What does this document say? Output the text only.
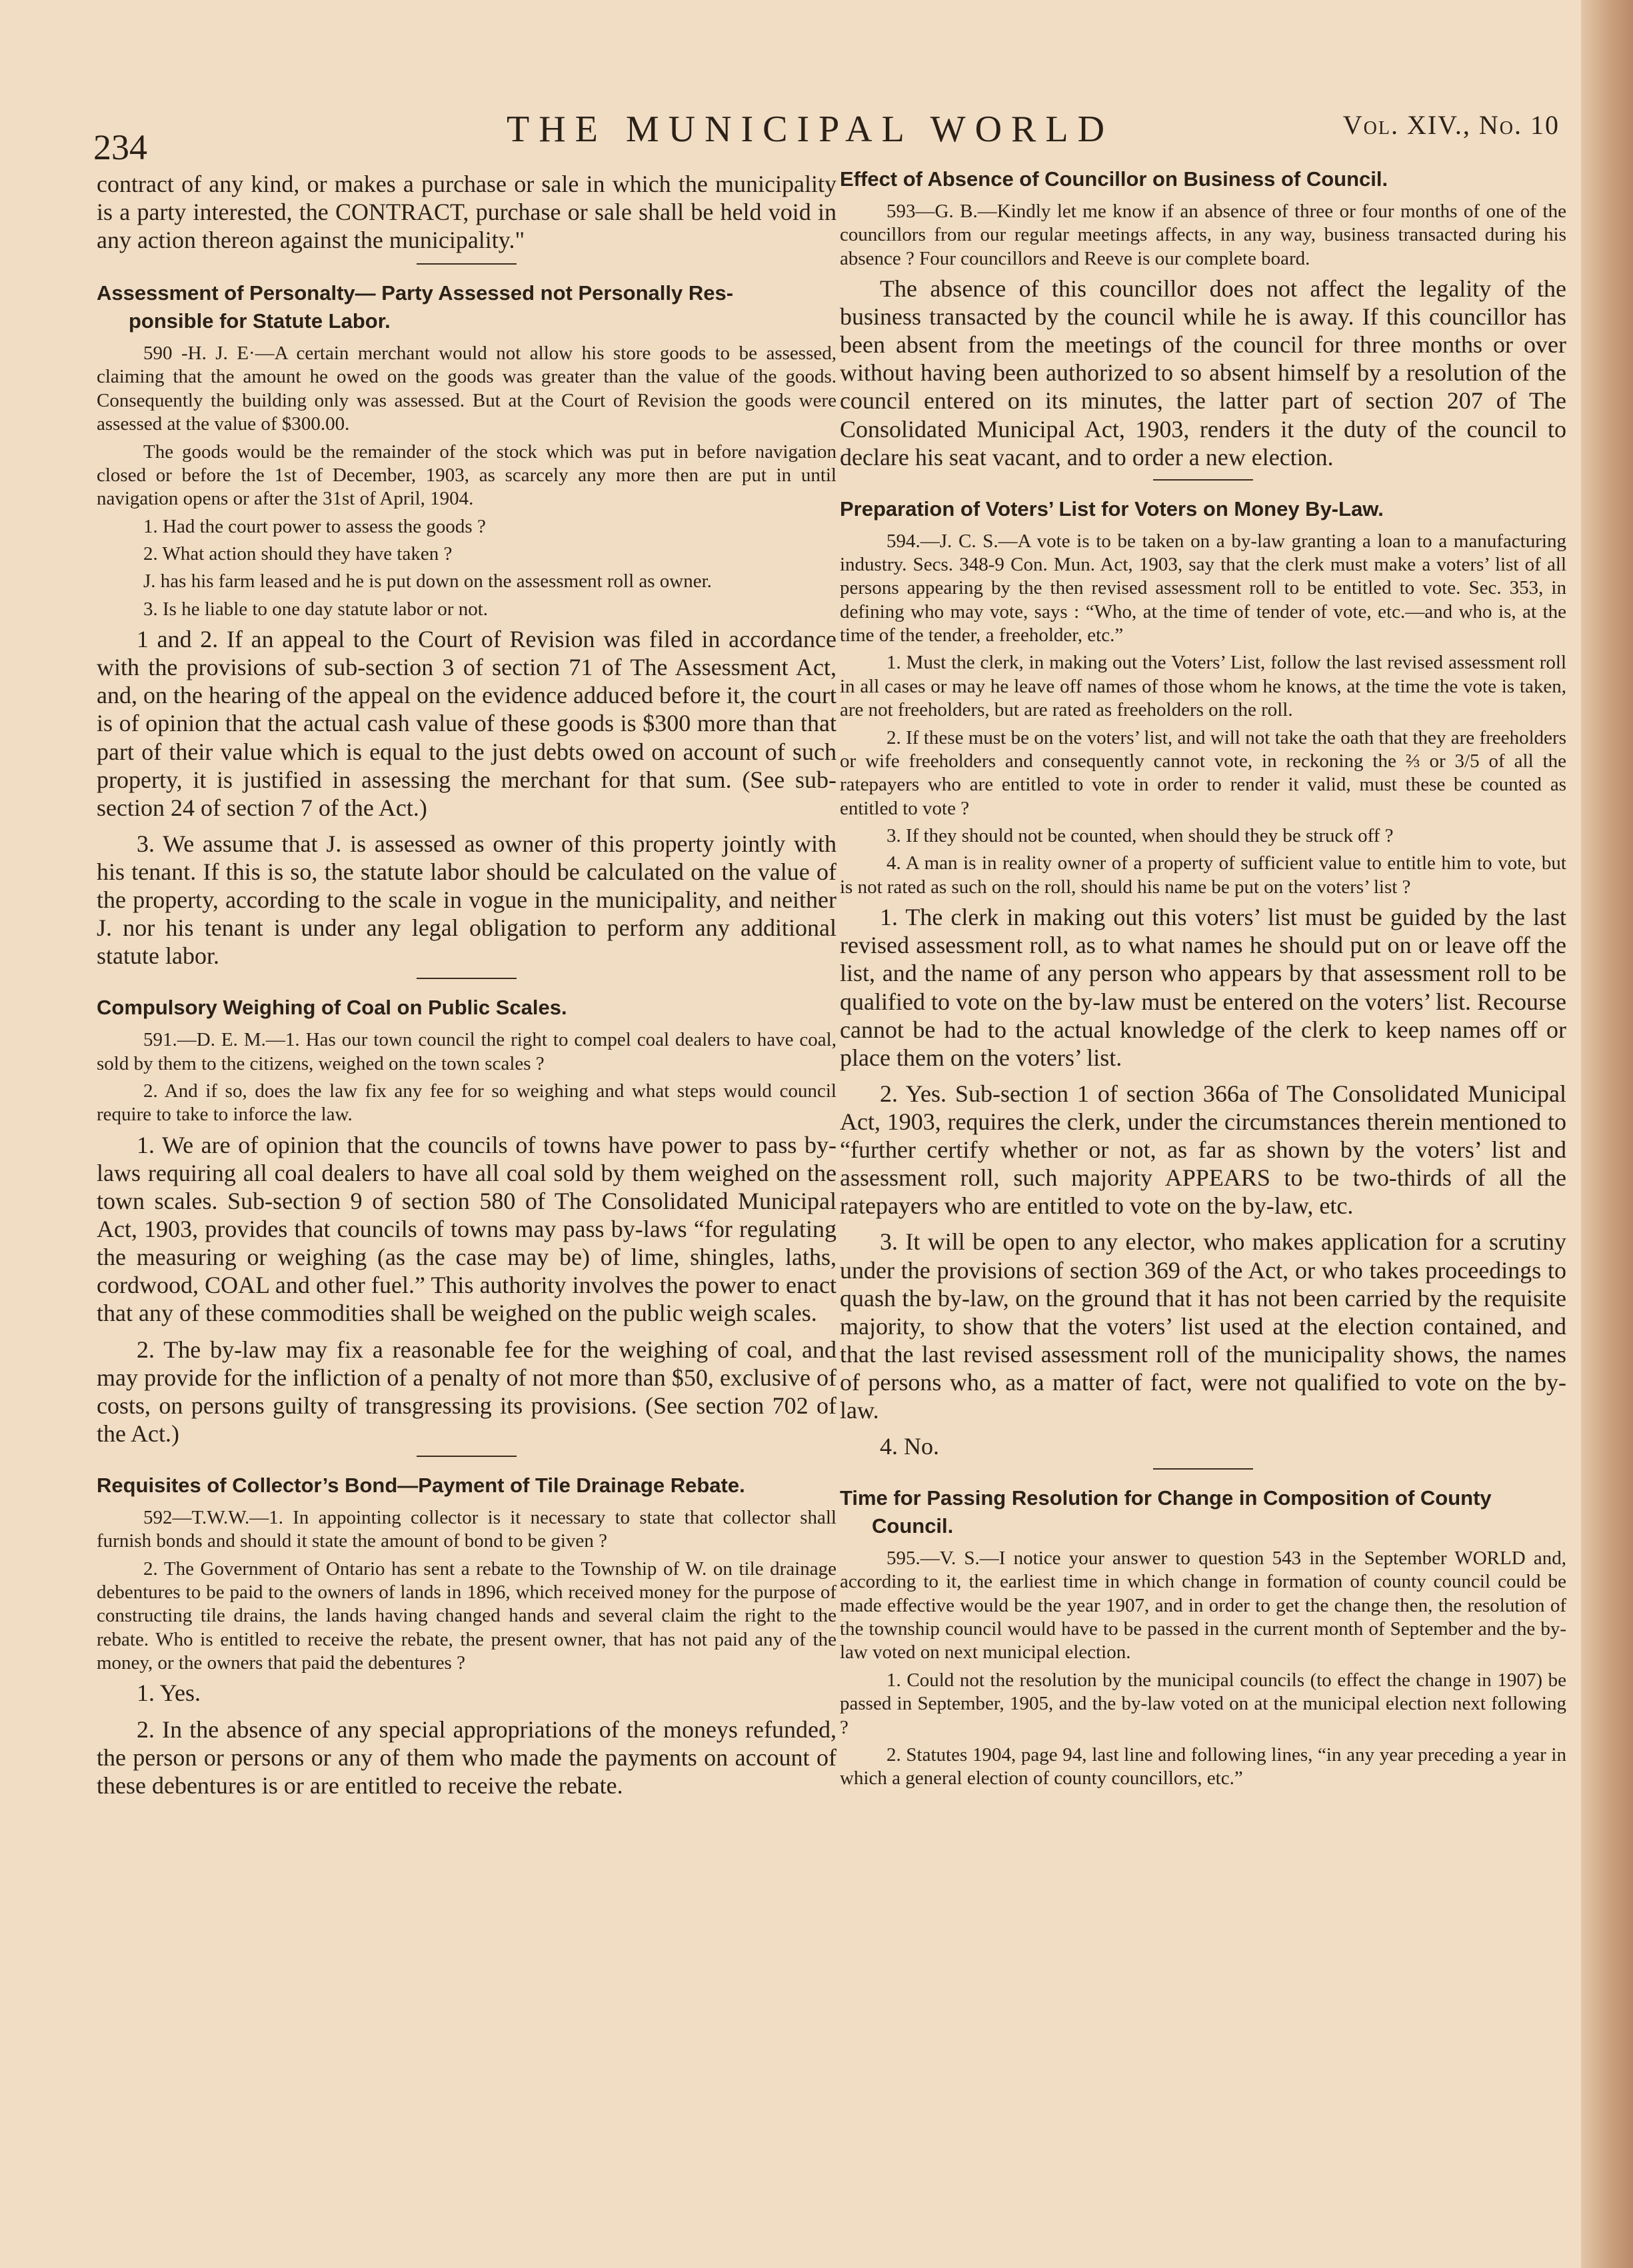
234	THE MUNICIPAL WORLD	Vol. XIV., No. 10

contract of any kind, or makes a purchase or sale in which the municipality is a party interested, the CONTRACT, purchase or sale shall be held void in any action thereon against the municipality."

Assessment of Personalty— Party Assessed not Personally Res-
ponsible for Statute Labor.

590 -H. J. E·—A certain merchant would not allow his store goods to be assessed, claiming that the amount he owed on the goods was greater than the value of the goods. Consequently the building only was assessed. But at the Court of Revision the goods were assessed at the value of $300.00.

The goods would be the remainder of the stock which was put in before navigation closed or before the 1st of December, 1903, as scarcely any more then are put in until navigation opens or after the 31st of April, 1904.

1. Had the court power to assess the goods ?

2. What action should they have taken ?

J. has his farm leased and he is put down on the assessment roll as owner.

3. Is he liable to one day statute labor or not.

1 and 2. If an appeal to the Court of Revision was filed in accordance with the provisions of sub-section 3 of section 71 of The Assessment Act, and, on the hearing of the appeal on the evidence adduced before it, the court is of opinion that the actual cash value of these goods is $300 more than that part of their value which is equal to the just debts owed on account of such property, it is justified in assessing the merchant for that sum. (See sub-section 24 of section 7 of the Act.)

3. We assume that J. is assessed as owner of this property jointly with his tenant. If this is so, the statute labor should be calculated on the value of the property, according to the scale in vogue in the municipality, and neither J. nor his tenant is under any legal obligation to perform any additional statute labor.

Compulsory Weighing of Coal on Public Scales.

591.—D. E. M.—1. Has our town council the right to compel coal dealers to have coal, sold by them to the citizens, weighed on the town scales ?

2. And if so, does the law fix any fee for so weighing and what steps would council require to take to inforce the law.

1. We are of opinion that the councils of towns have power to pass by-laws requiring all coal dealers to have all coal sold by them weighed on the town scales. Sub-section 9 of section 580 of The Consolidated Municipal Act, 1903, provides that councils of towns may pass by-laws “for regulating the measuring or weighing (as the case may be) of lime, shingles, laths, cordwood, COAL and other fuel.” This authority involves the power to enact that any of these commodities shall be weighed on the public weigh scales.

2. The by-law may fix a reasonable fee for the weighing of coal, and may provide for the infliction of a penalty of not more than $50, exclusive of costs, on persons guilty of transgressing its provisions. (See section 702 of the Act.)

Requisites of Collector’s Bond—Payment of Tile Drainage Rebate.

592—T.W.W.—1. In appointing collector is it necessary to state that collector shall furnish bonds and should it state the amount of bond to be given ?

2. The Government of Ontario has sent a rebate to the Township of W. on tile drainage debentures to be paid to the owners of lands in 1896, which received money for the purpose of constructing tile drains, the lands having changed hands and several claim the right to the rebate. Who is entitled to receive the rebate, the present owner, that has not paid any of the money, or the owners that paid the debentures ?

1. Yes.

2. In the absence of any special appropriations of the moneys refunded, the person or persons or any of them who made the payments on account of these debentures is or are entitled to receive the rebate.

Effect of Absence of Councillor on Business of Council.

593—G. B.—Kindly let me know if an absence of three or four months of one of the councillors from our regular meetings affects, in any way, business transacted during his absence ? Four councillors and Reeve is our complete board.

The absence of this councillor does not affect the legality of the business transacted by the council while he is away. If this councillor has been absent from the meetings of the council for three months or over without having been authorized to so absent himself by a resolution of the council entered on its minutes, the latter part of section 207 of The Consolidated Municipal Act, 1903, renders it the duty of the council to declare his seat vacant, and to order a new election.

Preparation of Voters’ List for Voters on Money By-Law.

594.—J. C. S.—A vote is to be taken on a by-law granting a loan to a manufacturing industry. Secs. 348-9 Con. Mun. Act, 1903, say that the clerk must make a voters’ list of all persons appearing by the then revised assessment roll to be entitled to vote. Sec. 353, in defining who may vote, says : “Who, at the time of tender of vote, etc.—and who is, at the time of the tender, a freeholder, etc.”

1. Must the clerk, in making out the Voters’ List, follow the last revised assessment roll in all cases or may he leave off names of those whom he knows, at the time the vote is taken, are not freeholders, but are rated as freeholders on the roll.

2. If these must be on the voters’ list, and will not take the oath that they are freeholders or wife freeholders and consequently cannot vote, in reckoning the ⅔ or 3/5 of all the ratepayers who are entitled to vote in order to render it valid, must these be counted as entitled to vote ?

3. If they should not be counted, when should they be struck off ?

4. A man is in reality owner of a property of sufficient value to entitle him to vote, but is not rated as such on the roll, should his name be put on the voters’ list ?

1. The clerk in making out this voters’ list must be guided by the last revised assessment roll, as to what names he should put on or leave off the list, and the name of any person who appears by that assessment roll to be qualified to vote on the by-law must be entered on the voters’ list. Recourse cannot be had to the actual knowledge of the clerk to keep names off or place them on the voters’ list.

2. Yes. Sub-section 1 of section 366a of The Consolidated Municipal Act, 1903, requires the clerk, under the circumstances therein mentioned to “further certify whether or not, as far as shown by the voters’ list and assessment roll, such majority APPEARS to be two-thirds of all the ratepayers who are entitled to vote on the by-law, etc.

3. It will be open to any elector, who makes application for a scrutiny under the provisions of section 369 of the Act, or who takes proceedings to quash the by-law, on the ground that it has not been carried by the requisite majority, to show that the voters’ list used at the election contained, and that the last revised assessment roll of the municipality shows, the names of persons who, as a matter of fact, were not qualified to vote on the by-law.

4. No.

Time for Passing Resolution for Change in Composition of County
Council.

595.—V. S.—I notice your answer to question 543 in the September WORLD and, according to it, the earliest time in which change in formation of county council could be made effective would be the year 1907, and in order to get the change then, the resolution of the township council would have to be passed in the current month of September and the by-law voted on next municipal election.

1. Could not the resolution by the municipal councils (to effect the change in 1907) be passed in September, 1905, and the by-law voted on at the municipal election next following ?

2. Statutes 1904, page 94, last line and following lines, “in any year preceding a year in which a general election of county councillors, etc.”
